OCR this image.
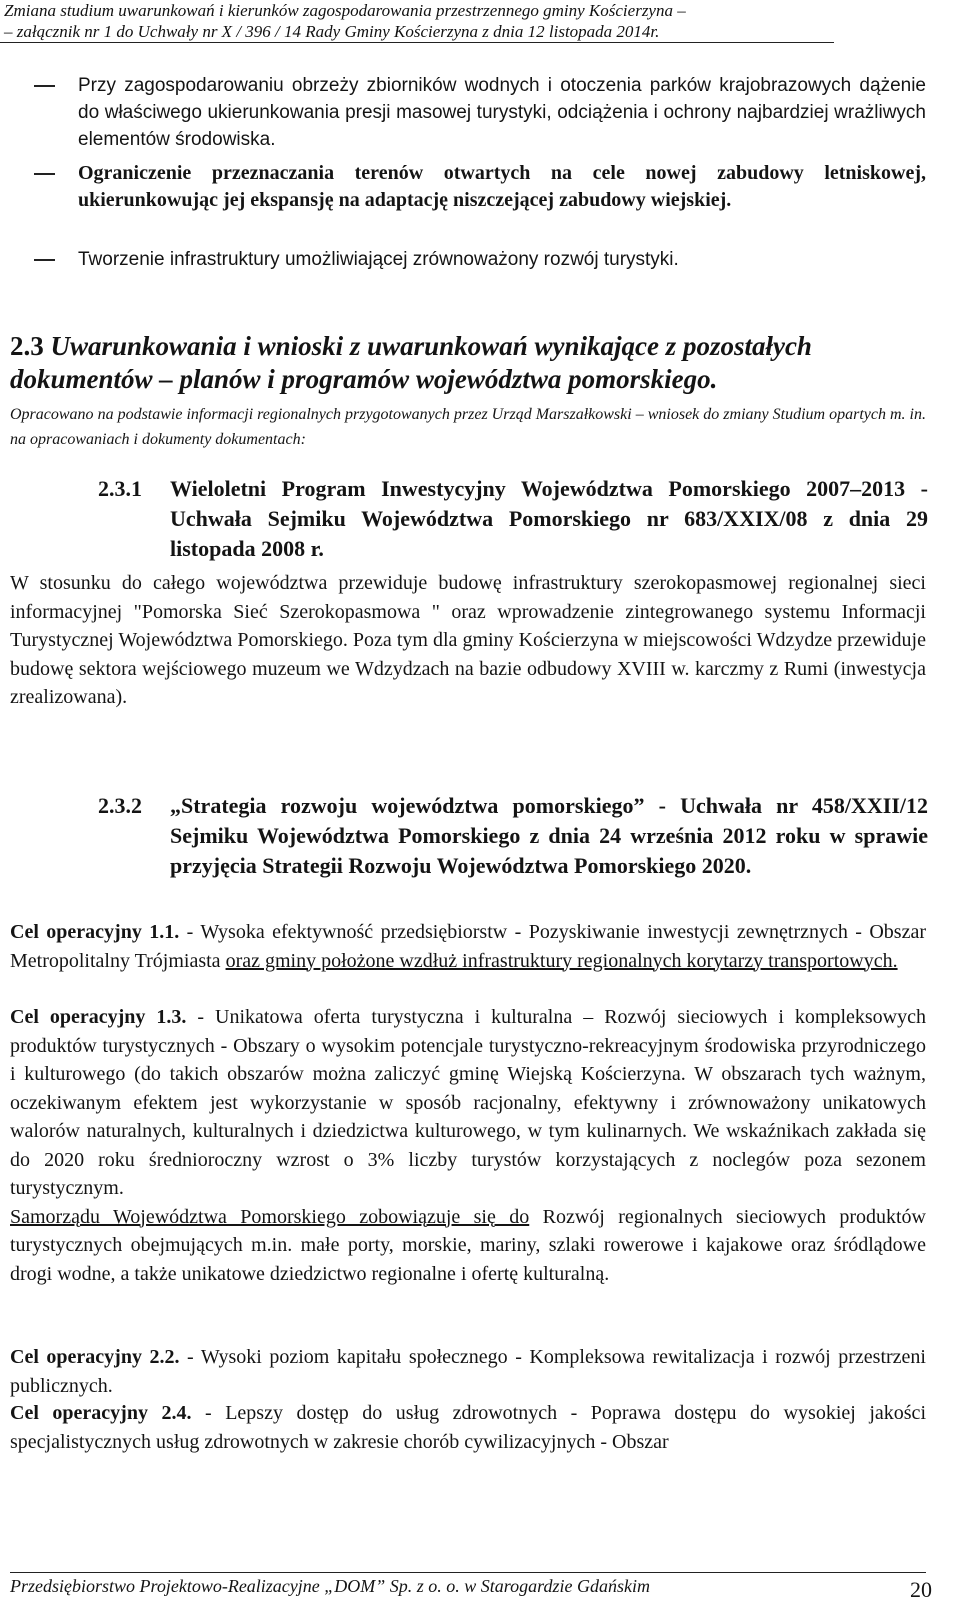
Zmiana studium uwarunkowań i kierunków zagospodarowania przestrzennego gminy Kościerzyna –
– załącznik nr 1 do Uchwały nr X / 396 / 14 Rady Gminy Kościerzyna z dnia 12 listopada 2014r.
Przy zagospodarowaniu obrzeży zbiorników wodnych i otoczenia parków krajobrazowych dążenie do właściwego ukierunkowania presji masowej turystyki, odciążenia i ochrony najbardziej wrażliwych elementów środowiska.
Ograniczenie przeznaczania terenów otwartych na cele nowej zabudowy letniskowej, ukierunkowując jej ekspansję na adaptację niszczejącej zabudowy wiejskiej.
Tworzenie infrastruktury umożliwiającej zrównoważony rozwój turystyki.
2.3 Uwarunkowania i wnioski z uwarunkowań wynikające z pozostałych dokumentów – planów i programów województwa pomorskiego.
Opracowano na podstawie informacji regionalnych przygotowanych przez Urząd Marszałkowski – wniosek do zmiany Studium opartych m. in. na opracowaniach i dokumenty dokumentach:
2.3.1 Wieloletni Program Inwestycyjny Województwa Pomorskiego 2007–2013 - Uchwała Sejmiku Województwa Pomorskiego nr 683/XXIX/08 z dnia 29 listopada 2008 r.
W stosunku do całego województwa przewiduje budowę infrastruktury szerokopasmowej regionalnej sieci informacyjnej "Pomorska Sieć Szerokopasmowa " oraz wprowadzenie zintegrowanego systemu Informacji Turystycznej Województwa Pomorskiego. Poza tym dla gminy Kościerzyna w miejscowości Wdzydze przewiduje budowę sektora wejściowego muzeum we Wdzydzach na bazie odbudowy XVIII w. karczmy z Rumi (inwestycja zrealizowana).
2.3.2 „Strategia rozwoju województwa pomorskiego” - Uchwała nr 458/XXII/12 Sejmiku Województwa Pomorskiego z dnia 24 września 2012 roku w sprawie przyjęcia Strategii Rozwoju Województwa Pomorskiego 2020.
Cel operacyjny 1.1. - Wysoka efektywność przedsiębiorstw - Pozyskiwanie inwestycji zewnętrznych - Obszar Metropolitalny Trójmiasta oraz gminy położone wzdłuż infrastruktury regionalnych korytarzy transportowych.
Cel operacyjny 1.3. - Unikatowa oferta turystyczna i kulturalna – Rozwój sieciowych i kompleksowych produktów turystycznych - Obszary o wysokim potencjale turystyczno-rekreacyjnym środowiska przyrodniczego i kulturowego (do takich obszarów można zaliczyć gminę Wiejską Kościerzyna. W obszarach tych ważnym, oczekiwanym efektem jest wykorzystanie w sposób racjonalny, efektywny i zrównoważony unikatowych walorów naturalnych, kulturalnych i dziedzictwa kulturowego, w tym kulinarnych. We wskaźnikach zakłada się do 2020 roku średnioroczny wzrost o 3% liczby turystów korzystających z noclegów poza sezonem turystycznym.
Samorządu Województwa Pomorskiego zobowiązuje się do Rozwój regionalnych sieciowych produktów turystycznych obejmujących m.in. małe porty, morskie, mariny, szlaki rowerowe i kajakowe oraz śródlądowe drogi wodne, a także unikatowe dziedzictwo regionalne i ofertę kulturalną.
Cel operacyjny 2.2. - Wysoki poziom kapitału społecznego - Kompleksowa rewitalizacja i rozwój przestrzeni publicznych.
Cel operacyjny 2.4. - Lepszy dostęp do usług zdrowotnych - Poprawa dostępu do wysokiej jakości specjalistycznych usług zdrowotnych w zakresie chorób cywilizacyjnych - Obszar
Przedsiębiorstwo Projektowo-Realizacyjne „DOM” Sp. z o. o. w Starogardzie Gdańskim	20
